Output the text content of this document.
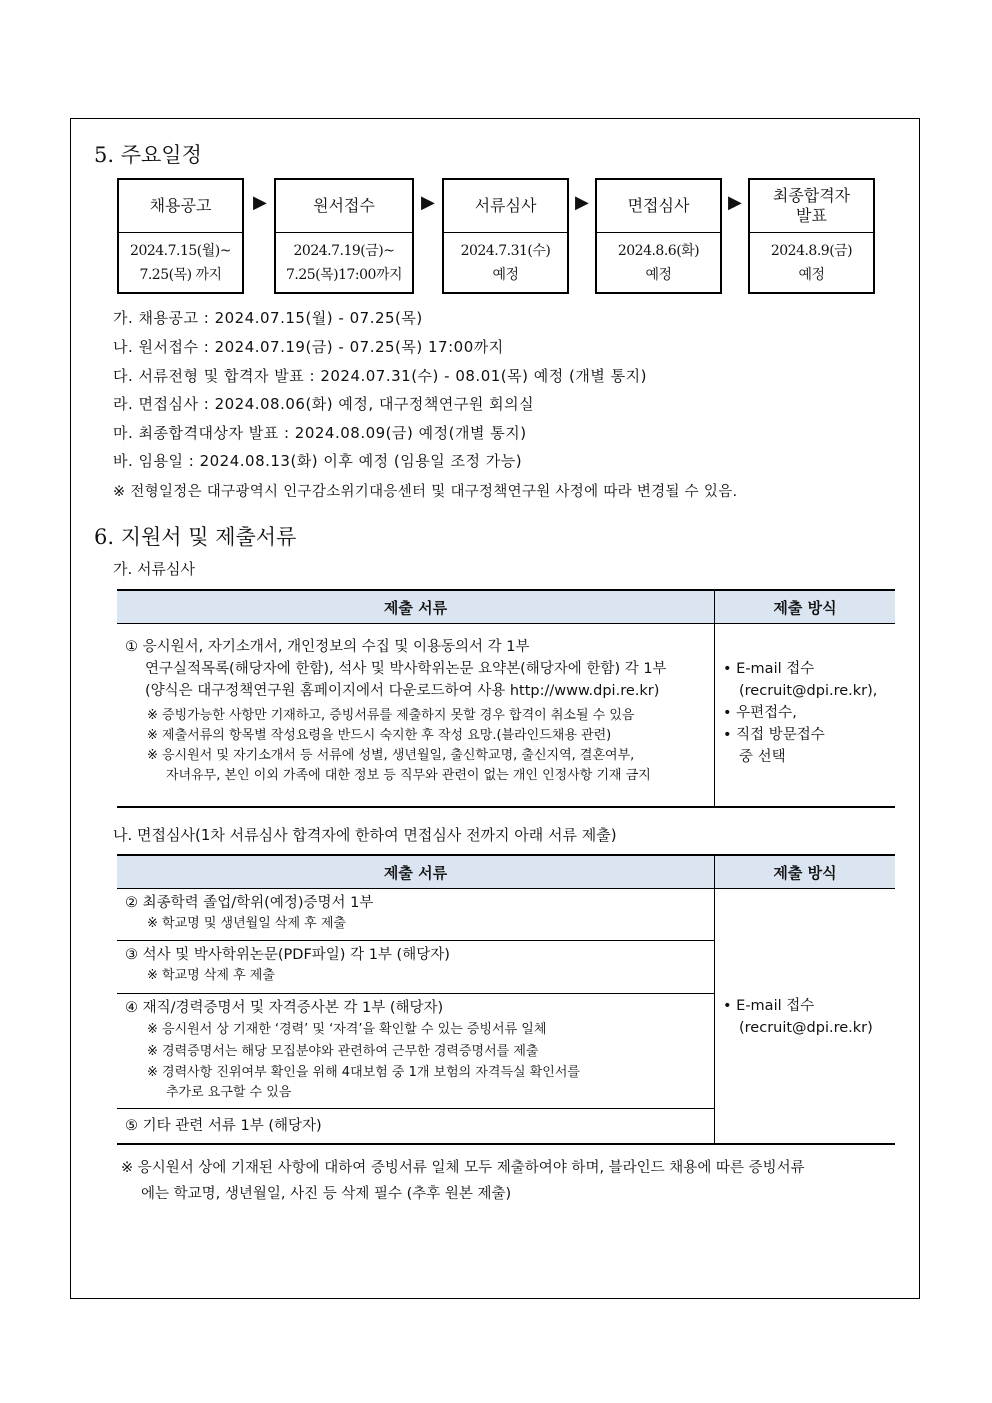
5. 주요일정
채용공고
2024.7.15(월)~
7.25(목) 까지
▶	원서접수
2024.7.19(금)~
7.25(목)17:00까지
▶	서류심사
2024.7.31(수)
예정
▶	면접심사
2024.8.6(화)
예정
▶ 최종합격자
발표
2024.8.9(금)
예정
가. 채용공고 : 2024.07.15(월) - 07.25(목)
나. 원서접수 : 2024.07.19(금) - 07.25(목) 17:00까지
다. 서류전형 및 합격자 발표 : 2024.07.31(수) - 08.01(목) 예정 (개별 통지)
라. 면접심사 : 2024.08.06(화) 예정, 대구정책연구원 회의실
마. 최종합격대상자 발표 : 2024.08.09(금) 예정(개별 통지)
바. 임용일 : 2024.08.13(화) 이후 예정 (임용일 조정 가능)
※ 전형일정은 대구광역시 인구감소위기대응센터 및 대구정책연구원 사정에 따라 변경될 수 있음.
6. 지원서 및 제출서류
가. 서류심사
제출 서류	제출 방식
① 응시원서, 자기소개서, 개인정보의 수집 및 이용동의서 각 1부
연구실적목록(해당자에 한함), 석사 및 박사학위논문 요약본(해당자에 한함) 각 1부
(양식은 대구정책연구원 홈페이지에서 다운로드하여 사용 http://www.dpi.re.kr)
※ 증빙가능한 사항만 기재하고, 증빙서류를 제출하지 못할 경우 합격이 취소될 수 있음
※ 제출서류의 항목별 작성요령을 반드시 숙지한 후 작성 요망.(블라인드채용 관련)
※ 응시원서 및 자기소개서 등 서류에 성별, 생년월일, 출신학교명, 출신지역, 결혼여부,
자녀유무, 본인 이외 가족에 대한 정보 등 직무와 관련이 없는 개인 인정사항 기재 금지
• E-mail 접수
(recruit@dpi.re.kr),
• 우편접수,
• 직접 방문접수
중 선택
나. 면접심사(1차 서류심사 합격자에 한하여 면접심사 전까지 아래 서류 제출)
제출 서류	제출 방식
② 최종학력 졸업/학위(예정)증명서 1부
※ 학교명 및 생년월일 삭제 후 제출
③ 석사 및 박사학위논문(PDF파일) 각 1부 (해당자)
※ 학교명 삭제 후 제출
④ 재직/경력증명서 및 자격증사본 각 1부 (해당자)
※ 응시원서 상 기재한 ‘경력’ 및 ‘자격’을 확인할 수 있는 증빙서류 일체
※ 경력증명서는 해당 모집분야와 관련하여 근무한 경력증명서를 제출
※ 경력사항 진위여부 확인을 위해 4대보험 중 1개 보험의 자격득실 확인서를
추가로 요구할 수 있음
⑤ 기타 관련 서류 1부 (해당자)
• E-mail 접수
(recruit@dpi.re.kr)
※ 응시원서 상에 기재된 사항에 대하여 증빙서류 일체 모두 제출하여야 하며, 블라인드 채용에 따른 증빙서류
에는 학교명, 생년월일, 사진 등 삭제 필수 (추후 원본 제출)
